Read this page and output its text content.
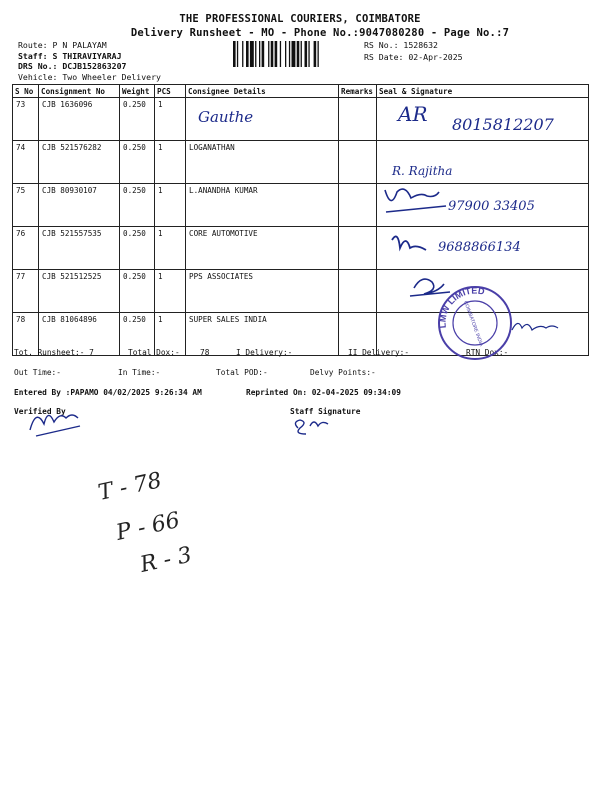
THE PROFESSIONAL COURIERS, COIMBATORE
Delivery Runsheet - MO - Phone No.:9047080280 - Page No.:7
Route: P N PALAYAM
Staff: S THIRAVIYARAJ
DRS No.: DCJB152863207
Vehicle: Two Wheeler Delivery
RS No.: 1528632
RS Date: 02-Apr-2025
S No	Consignment No	Weight	PCS	Consignee Details	Remarks	Seal & Signature
73	CJB 1636096	0.250	1			
74	CJB 521576282	0.250	1	LOGANATHAN		
75	CJB 80930107	0.250	1	L.ANANDHA KUMAR		
76	CJB 521557535	0.250	1	CORE AUTOMOTIVE		
77	CJB 521512525	0.250	1	PPS ASSOCIATES		
78	CJB 81064896	0.250	1	SUPER SALES INDIA		
Tot. Runsheet:- 7	Total Dox:-	78	I Delivery:-	II Delivery:-	RTN Dox:-
Out Time:-	In Time:-	Total POD:-	Delvy Points:-
Entered By :PAPAMO 04/02/2025 9:26:34 AM	Reprinted On: 02-04-2025 09:34:09
Verified By	Staff Signature
Gauthe	AR 8015812207
R. Rajitha
97900 33405
9688866134
T - 78
P - 66
R - 3
LMW LIMITED
COIMBATORE INDIA
